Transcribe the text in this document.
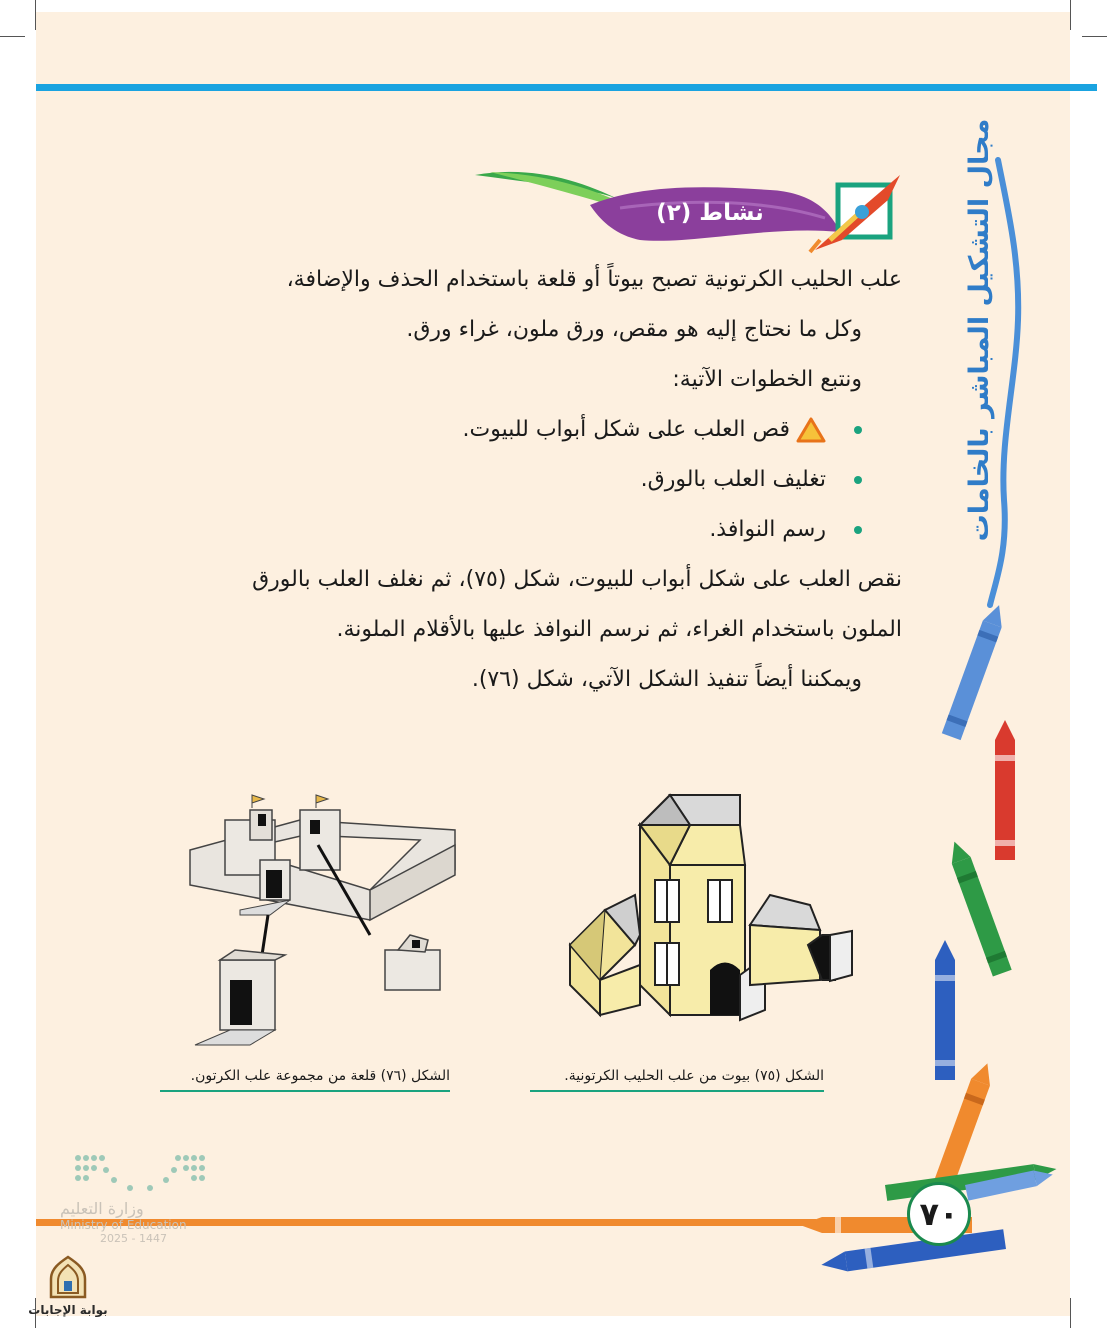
مجال التشكيل المباشر بالخامات
نشاط (٢)
علب الحليب الكرتونية تصبح بيوتاً أو قلعة باستخدام الحذف والإضافة،
وكل ما نحتاج إليه هو مقص، ورق ملون، غراء ورق.
ونتبع الخطوات الآتية:
قص العلب على شكل أبواب للبيوت.
تغليف العلب بالورق.
رسم النوافذ.
نقص العلب على شكل أبواب للبيوت، شكل (٧٥)، ثم نغلف العلب بالورق
الملون باستخدام الغراء، ثم نرسم النوافذ عليها بالأقلام الملونة.
ويمكننا أيضاً تنفيذ الشكل الآتي، شكل (٧٦).
الشكل (٧٥) بيوت من علب الحليب الكرتونية.
الشكل (٧٦) قلعة من مجموعة علب الكرتون.
٧٠
وزارة التعليم
Ministry of Education
2025 - 1447
بوابة الإجابات
